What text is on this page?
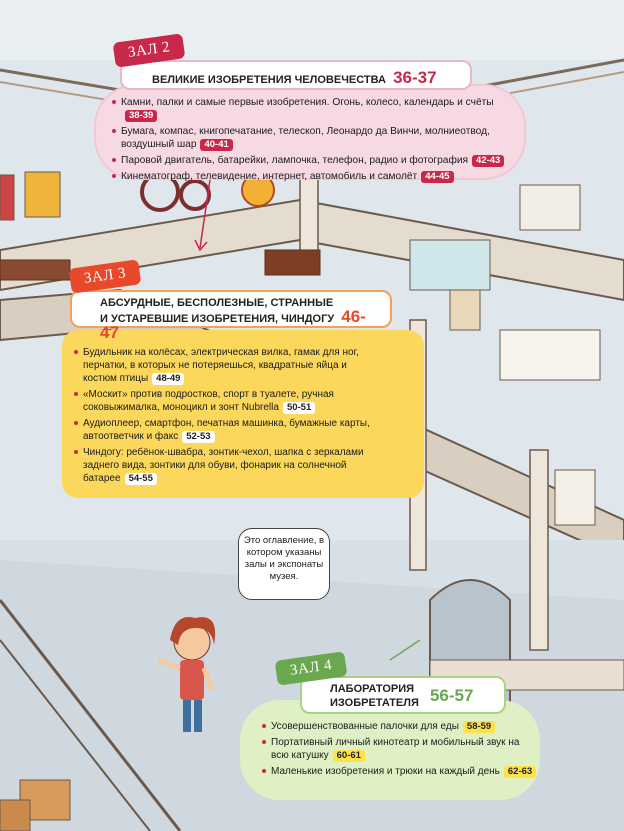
Камни, палки и самые первые изобретения. Огонь, колесо, календарь и счёты38-39
Бумага, компас, книгопечатание, телескоп, Леонардо да Винчи, молниеотвод, воздушный шар 40-41
Паровой двигатель, батарейки, лампочка, телефон, радио и фотография 42-43
Кинематограф, телевидение, интернет, автомобиль и самолёт 44-45
ВЕЛИКИЕ ИЗОБРЕТЕНИЯ ЧЕЛОВЕЧЕСТВА 36-37
ЗАЛ 2
Будильник на колёсах, электрическая вилка, гамак для ног, перчатки, в которых не потеряешься, квадратные яйца и костюм птицы 48-49
«Москит» против подростков, спорт в туалете, ручная соковыжималка, моноцикл и зонт Nubrella 50-51
Аудиоплеер, смартфон, печатная машинка, бумажные карты, автоответчик и факс 52-53
Чиндогу: ребёнок-швабра, зонтик-чехол, шапка с зеркалами заднего вида, зонтики для обуви, фонарик на солнечной батарее 54-55
АБСУРДНЫЕ, БЕСПОЛЕЗНЫЕ, СТРАННЫЕ
И УСТАРЕВШИЕ ИЗОБРЕТЕНИЯ, ЧИНДОГУ 46-47
ЗАЛ 3
Это оглавление, в котором указаны залы и экспонаты музея.
Усовершенствованные палочки для еды 58-59
Портативный личный кинотеатр и мобильный звук на всю катушку 60-61
Маленькие изобретения и трюки на каждый день 62-63
ЛАБОРАТОРИЯ
ИЗОБРЕТАТЕЛЯ 56-57
ЗАЛ 4
